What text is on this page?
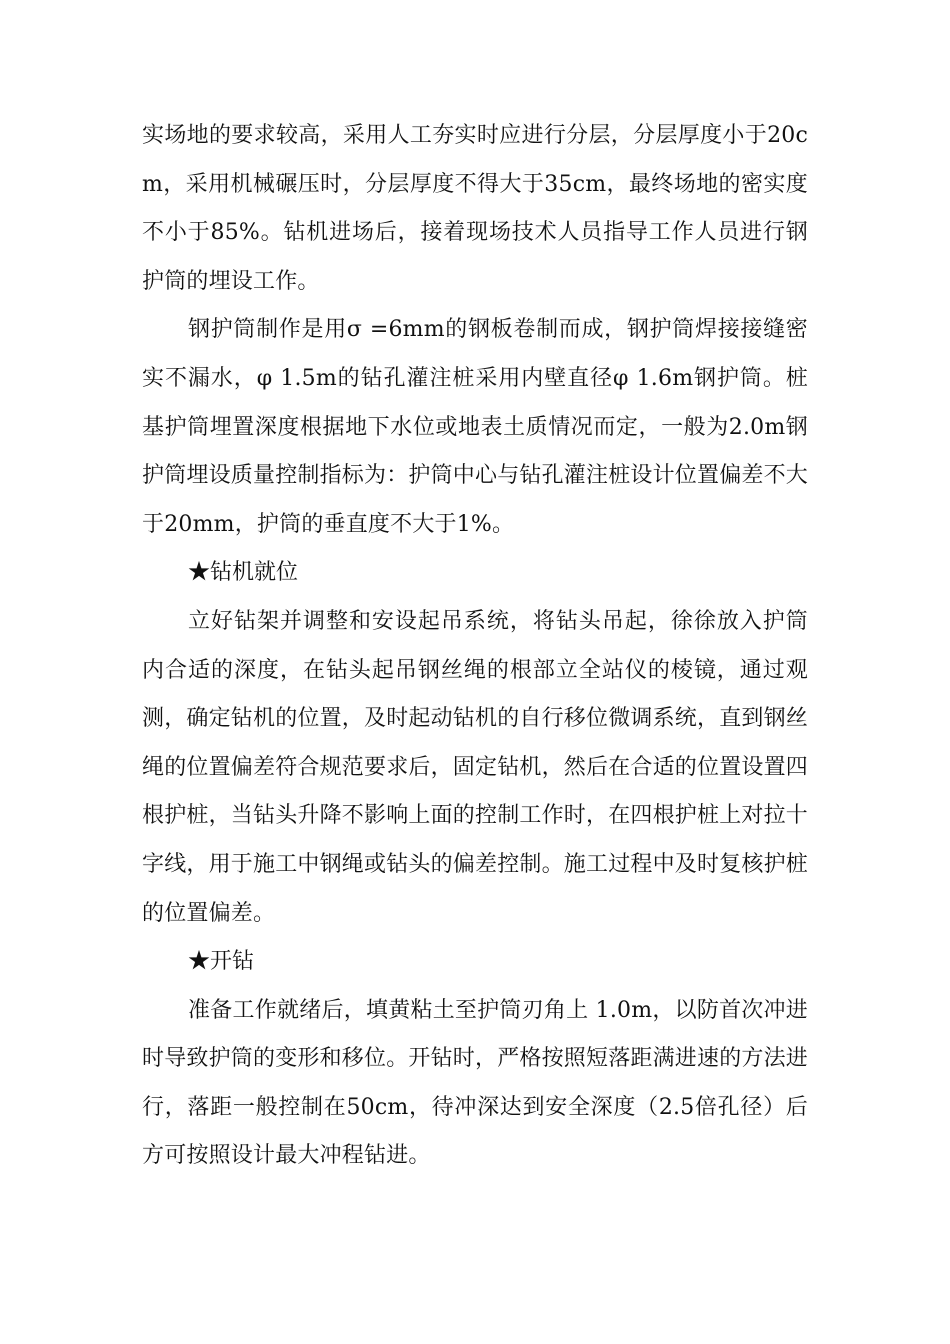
实场地的要求较高，采用人工夯实时应进行分层，分层厚度小于20cm，采用机械碾压时，分层厚度不得大于35cm，最终场地的密实度不小于85%。钻机进场后，接着现场技术人员指导工作人员进行钢护筒的埋设工作。

钢护筒制作是用σ =6mm的钢板卷制而成，钢护筒焊接接缝密实不漏水，φ 1.5m的钻孔灌注桩采用内壁直径φ 1.6m钢护筒。桩基护筒埋置深度根据地下水位或地表土质情况而定，一般为2.0m钢护筒埋设质量控制指标为：护筒中心与钻孔灌注桩设计位置偏差不大于20mm，护筒的垂直度不大于1%。

★钻机就位

立好钻架并调整和安设起吊系统，将钻头吊起，徐徐放入护筒内合适的深度，在钻头起吊钢丝绳的根部立全站仪的棱镜，通过观测，确定钻机的位置，及时起动钻机的自行移位微调系统，直到钢丝绳的位置偏差符合规范要求后，固定钻机，然后在合适的位置设置四根护桩，当钻头升降不影响上面的控制工作时，在四根护桩上对拉十字线，用于施工中钢绳或钻头的偏差控制。施工过程中及时复核护桩的位置偏差。

★开钻

准备工作就绪后，填黄粘土至护筒刃角上 1.0m，以防首次冲进时导致护筒的变形和移位。开钻时，严格按照短落距满进速的方法进行，落距一般控制在50cm，待冲深达到安全深度（2.5倍孔径）后方可按照设计最大冲程钻进。
